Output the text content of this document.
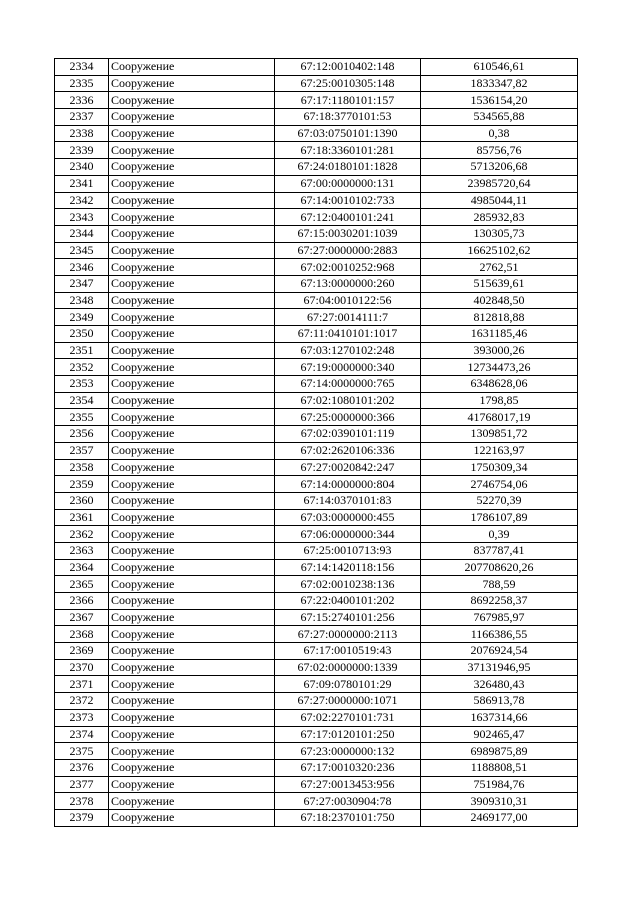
2334	Сооружение	67:12:0010402:148	610546,61
2335	Сооружение	67:25:0010305:148	1833347,82
2336	Сооружение	67:17:1180101:157	1536154,20
2337	Сооружение	67:18:3770101:53	534565,88
2338	Сооружение	67:03:0750101:1390	0,38
2339	Сооружение	67:18:3360101:281	85756,76
2340	Сооружение	67:24:0180101:1828	5713206,68
2341	Сооружение	67:00:0000000:131	23985720,64
2342	Сооружение	67:14:0010102:733	4985044,11
2343	Сооружение	67:12:0400101:241	285932,83
2344	Сооружение	67:15:0030201:1039	130305,73
2345	Сооружение	67:27:0000000:2883	16625102,62
2346	Сооружение	67:02:0010252:968	2762,51
2347	Сооружение	67:13:0000000:260	515639,61
2348	Сооружение	67:04:0010122:56	402848,50
2349	Сооружение	67:27:0014111:7	812818,88
2350	Сооружение	67:11:0410101:1017	1631185,46
2351	Сооружение	67:03:1270102:248	393000,26
2352	Сооружение	67:19:0000000:340	12734473,26
2353	Сооружение	67:14:0000000:765	6348628,06
2354	Сооружение	67:02:1080101:202	1798,85
2355	Сооружение	67:25:0000000:366	41768017,19
2356	Сооружение	67:02:0390101:119	1309851,72
2357	Сооружение	67:02:2620106:336	122163,97
2358	Сооружение	67:27:0020842:247	1750309,34
2359	Сооружение	67:14:0000000:804	2746754,06
2360	Сооружение	67:14:0370101:83	52270,39
2361	Сооружение	67:03:0000000:455	1786107,89
2362	Сооружение	67:06:0000000:344	0,39
2363	Сооружение	67:25:0010713:93	837787,41
2364	Сооружение	67:14:1420118:156	207708620,26
2365	Сооружение	67:02:0010238:136	788,59
2366	Сооружение	67:22:0400101:202	8692258,37
2367	Сооружение	67:15:2740101:256	767985,97
2368	Сооружение	67:27:0000000:2113	1166386,55
2369	Сооружение	67:17:0010519:43	2076924,54
2370	Сооружение	67:02:0000000:1339	37131946,95
2371	Сооружение	67:09:0780101:29	326480,43
2372	Сооружение	67:27:0000000:1071	586913,78
2373	Сооружение	67:02:2270101:731	1637314,66
2374	Сооружение	67:17:0120101:250	902465,47
2375	Сооружение	67:23:0000000:132	6989875,89
2376	Сооружение	67:17:0010320:236	1188808,51
2377	Сооружение	67:27:0013453:956	751984,76
2378	Сооружение	67:27:0030904:78	3909310,31
2379	Сооружение	67:18:2370101:750	2469177,00
